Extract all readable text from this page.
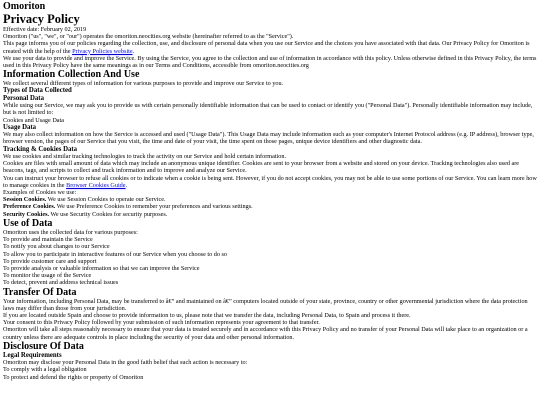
Omoriton
Privacy Policy

Effective date: February 02, 2019

Omoriton ("us", "we", or "our") operates the omoriton.neocities.org website (hereinafter referred to as the "Service").

This page informs you of our policies regarding the collection, use, and disclosure of personal data when you use our Service and the choices you have associated with that data. Our Privacy Policy for Omoriton is created with the help of the Privacy Policies website.

We use your data to provide and improve the Service. By using the Service, you agree to the collection and use of information in accordance with this policy. Unless otherwise defined in this Privacy Policy, the terms used in this Privacy Policy have the same meanings as in our Terms and Conditions, accessible from omoriton.neocities.org

Information Collection And Use

We collect several different types of information for various purposes to provide and improve our Service to you.

Types of Data Collected
Personal Data

While using our Service, we may ask you to provide us with certain personally identifiable information that can be used to contact or identify you ("Personal Data"). Personally identifiable information may include, but is not limited to:

Cookies and Usage Data
Usage Data

We may also collect information on how the Service is accessed and used ("Usage Data"). This Usage Data may include information such as your computer's Internet Protocol address (e.g. IP address), browser type, browser version, the pages of our Service that you visit, the time and date of your visit, the time spent on those pages, unique device identifiers and other diagnostic data.

Tracking & Cookies Data

We use cookies and similar tracking technologies to track the activity on our Service and hold certain information.

Cookies are files with small amount of data which may include an anonymous unique identifier. Cookies are sent to your browser from a website and stored on your device. Tracking technologies also used are beacons, tags, and scripts to collect and track information and to improve and analyze our Service.

You can instruct your browser to refuse all cookies or to indicate when a cookie is being sent. However, if you do not accept cookies, you may not be able to use some portions of our Service. You can learn more how to manage cookies in the Browser Cookies Guide.

Examples of Cookies we use:

Session Cookies. We use Session Cookies to operate our Service.
Preference Cookies. We use Preference Cookies to remember your preferences and various settings.
Security Cookies. We use Security Cookies for security purposes.
Use of Data

Omoriton uses the collected data for various purposes:

To provide and maintain the Service
To notify you about changes to our Service
To allow you to participate in interactive features of our Service when you choose to do so
To provide customer care and support
To provide analysis or valuable information so that we can improve the Service
To monitor the usage of the Service
To detect, prevent and address technical issues
Transfer Of Data

Your information, including Personal Data, may be transferred to â€” and maintained on â€” computers located outside of your state, province, country or other governmental jurisdiction where the data protection laws may differ than those from your jurisdiction.

If you are located outside Spain and choose to provide information to us, please note that we transfer the data, including Personal Data, to Spain and process it there.

Your consent to this Privacy Policy followed by your submission of such information represents your agreement to that transfer.

Omoriton will take all steps reasonably necessary to ensure that your data is treated securely and in accordance with this Privacy Policy and no transfer of your Personal Data will take place to an organization or a country unless there are adequate controls in place including the security of your data and other personal information.

Disclosure Of Data
Legal Requirements

Omoriton may disclose your Personal Data in the good faith belief that such action is necessary to:

To comply with a legal obligation
To protect and defend the rights or property of Omoriton
